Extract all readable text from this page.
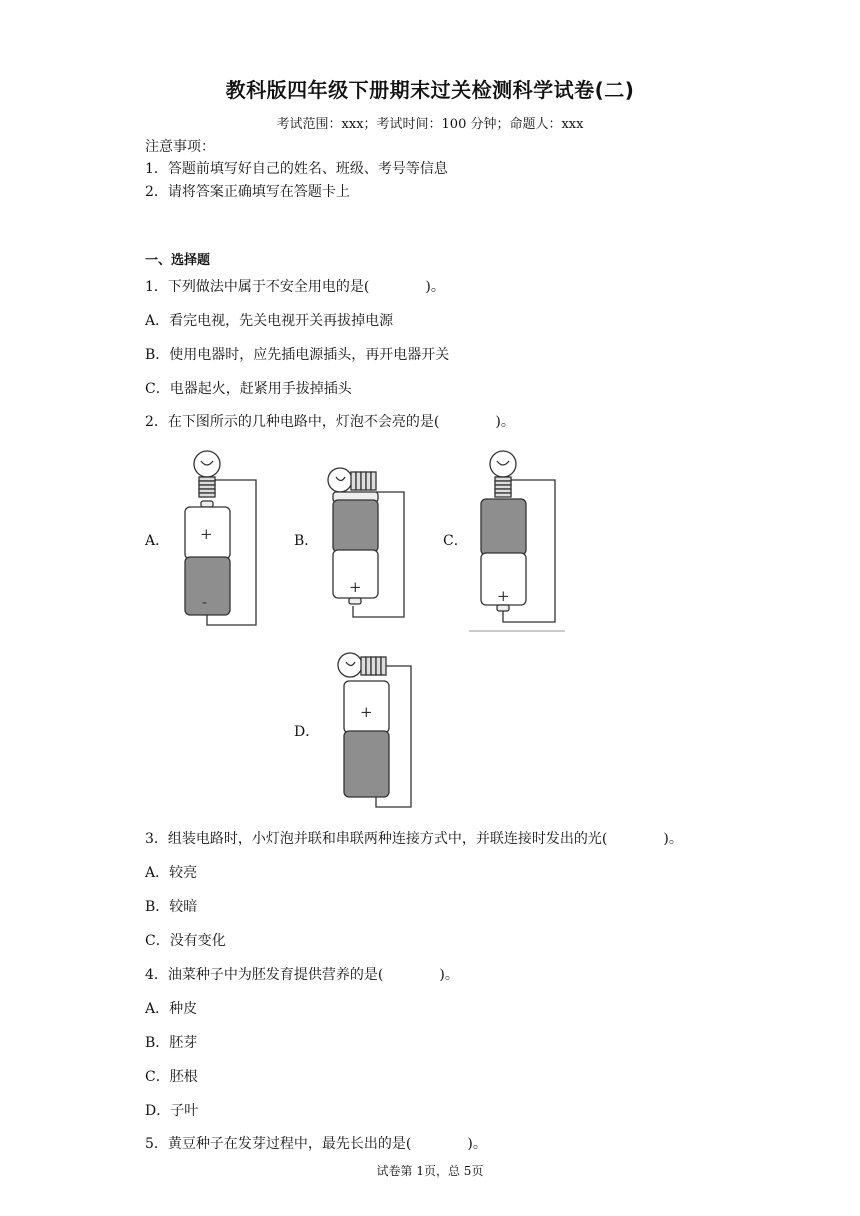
教科版四年级下册期末过关检测科学试卷(二)
考试范围：xxx；考试时间：100 分钟；命题人：xxx
注意事项：
1．答题前填写好自己的姓名、班级、考号等信息
2．请将答案正确填写在答题卡上
一、选择题
1．下列做法中属于不安全用电的是(　　　　)。
A．看完电视，先关电视开关再拔掉电源
B．使用电器时，应先插电源插头，再开电器开关
C．电器起火，赶紧用手拔掉插头
2．在下图所示的几种电路中，灯泡不会亮的是(　　　　)。
A．	B．	C．
D．
+
-
+	+
+
3．组装电路时，小灯泡并联和串联两种连接方式中，并联连接时发出的光(　　　　)。
A．较亮
B．较暗
C．没有变化
4．油菜种子中为胚发育提供营养的是(　　　　)。
A．种皮
B．胚芽
C．胚根
D．子叶
5．黄豆种子在发芽过程中，最先长出的是(　　　　)。
试卷第 1页，总 5页
